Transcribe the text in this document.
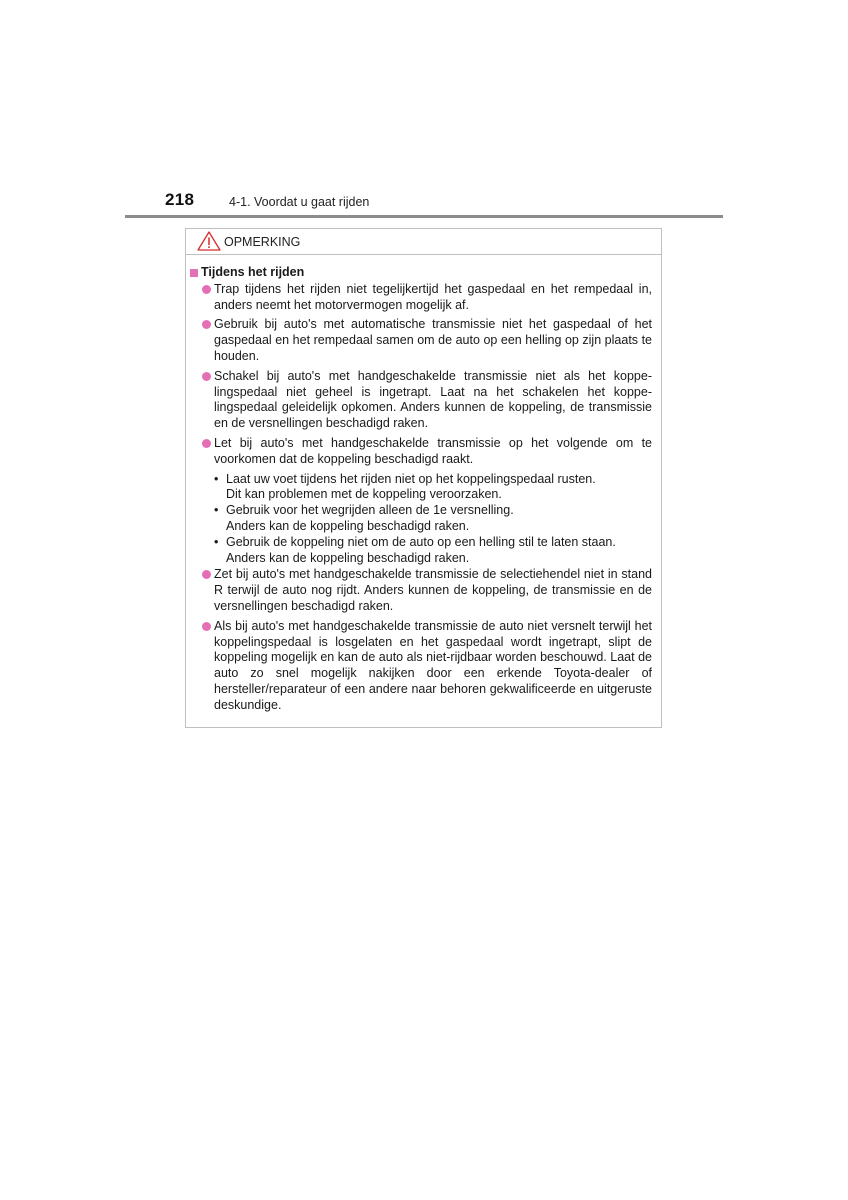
218	4-1. Voordat u gaat rijden
OPMERKING
Tijdens het rijden
Trap tijdens het rijden niet tegelijkertijd het gaspedaal en het rempedaal in, anders neemt het motorvermogen mogelijk af.
Gebruik bij auto's met automatische transmissie niet het gaspedaal of het gaspedaal en het rempedaal samen om de auto op een helling op zijn plaats te houden.
Schakel bij auto's met handgeschakelde transmissie niet als het koppelingspedaal niet geheel is ingetrapt. Laat na het schakelen het koppelingspedaal geleidelijk opkomen. Anders kunnen de koppeling, de transmissie en de versnellingen beschadigd raken.
Let bij auto's met handgeschakelde transmissie op het volgende om te voorkomen dat de koppeling beschadigd raakt.
• Laat uw voet tijdens het rijden niet op het koppelingspedaal rusten.
Dit kan problemen met de koppeling veroorzaken.
• Gebruik voor het wegrijden alleen de 1e versnelling.
Anders kan de koppeling beschadigd raken.
• Gebruik de koppeling niet om de auto op een helling stil te laten staan.
Anders kan de koppeling beschadigd raken.
Zet bij auto's met handgeschakelde transmissie de selectiehendel niet in stand R terwijl de auto nog rijdt. Anders kunnen de koppeling, de transmissie en de versnellingen beschadigd raken.
Als bij auto's met handgeschakelde transmissie de auto niet versnelt terwijl het koppelingspedaal is losgelaten en het gaspedaal wordt ingetrapt, slipt de koppeling mogelijk en kan de auto als niet-rijdbaar worden beschouwd. Laat de auto zo snel mogelijk nakijken door een erkende Toyota-dealer of hersteller/reparateur of een andere naar behoren gekwalificeerde en uitgeruste deskundige.
